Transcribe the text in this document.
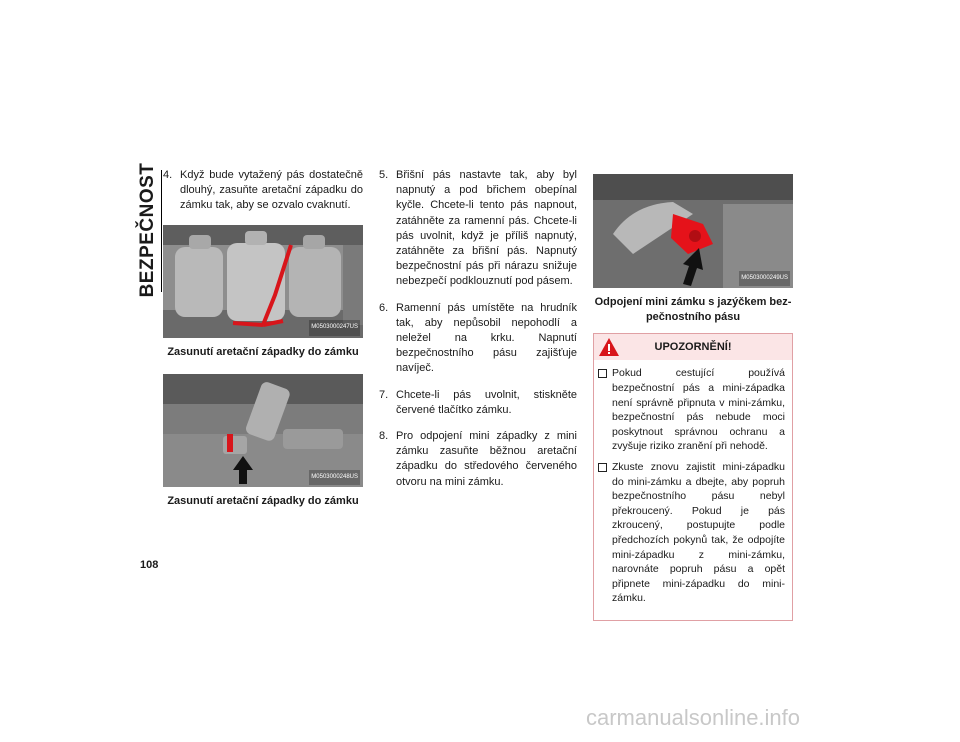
BEZPEČNOST 4. Když bude vytažený pás dostatečně dlouhý, zasuňte aretační západku do zámku tak, aby se ozvalo cvaknutí.
M0503000247US
Zasunutí aretační západky do zámku
M0503000248US
Zasunutí aretační západky do zámku
5. Břišní pás nastavte tak, aby byl napnutý a pod břichem obepínal kyčle. Chcete-li tento pás napnout, zatáhněte za ramenní pás. Chcete-li pás uvolnit, když je příliš napnutý, zatáhněte za břišní pás. Napnutý bezpečnostní pás při nárazu snižuje nebezpečí podklouznutí pod pásem.
6. Ramenní pás umístěte na hrudník tak, aby nepůsobil nepohodlí a neležel na krku. Napnutí bezpečnostního pásu zajišťuje navíječ.
7. Chcete-li pás uvolnit, stiskněte červené tlačítko zámku.
8. Pro odpojení mini západky z mini zámku zasuňte běžnou aretační západku do středového červeného otvoru na mini zámku.
M0503000249US
Odpojení mini zámku s jazýčkem bez-pečnostního pásu
UPOZORNĚNÍ!
Pokud cestující používá bezpečnostní pás a mini-západka není správně připnuta v mini-zámku, bezpečnostní pás nebude moci poskytnout správnou ochranu a zvyšuje riziko zranění při nehodě.
Zkuste znovu zajistit mini-západku do mini-zámku a dbejte, aby popruh bezpečnostního pásu nebyl překroucený. Pokud je pás zkroucený, postupujte podle předchozích pokynů tak, že odpojíte mini-západku z mini-zámku, narovnáte popruh pásu a opět připnete mini-západku do mini-zámku.
108
carmanualsonline.info
